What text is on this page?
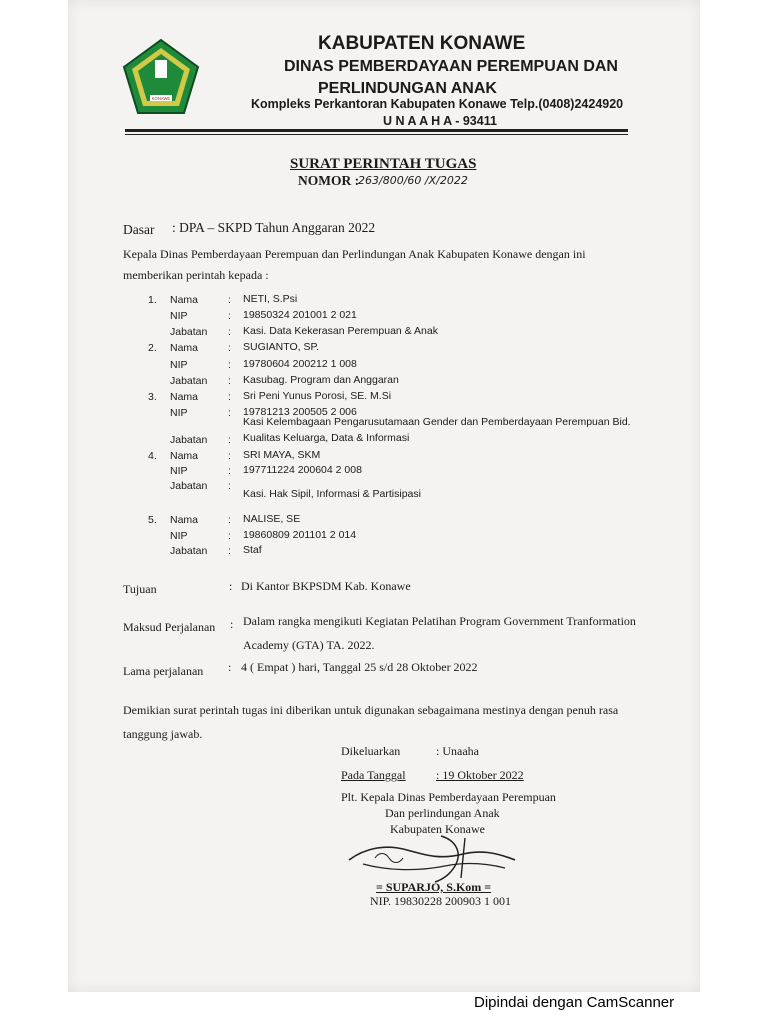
KONAWE
KABUPATEN KONAWE
DINAS PEMBERDAYAAN PEREMPUAN DAN
PERLINDUNGAN ANAK
Kompleks Perkantoran Kabupaten Konawe Telp.(0408)2424920
U N A A H A - 93411
SURAT PERINTAH TUGAS
NOMOR :
263/800/60 /X/2022
Dasar : DPA – SKPD Tahun Anggaran 2022
Kepala Dinas Pemberdayaan Perempuan dan Perlindungan Anak Kabupaten Konawe dengan ini
memberikan perintah kepada :
1. Nama	: NETI, S.Psi
NIP	: 19850324 201001 2 021
Jabatan : Kasi. Data Kekerasan Perempuan & Anak
2. Nama	: SUGIANTO, SP.
NIP	: 19780604 200212 1 008
Jabatan : Kasubag. Program dan Anggaran
3. Nama	: Sri Peni Yunus Porosi, SE. M.Si
NIP	: 19781213 200505 2 006
Kasi Kelembagaan Pengarusutamaan Gender dan Pemberdayaan Perempuan Bid.
Jabatan : Kualitas Keluarga, Data & Informasi
4. Nama	: SRI MAYA, SKM
NIP	: 197711224 200604 2 008
Jabatan :
Kasi. Hak Sipil, Informasi & Partisipasi
5. Nama	: NALISE, SE
NIP	: 19860809 201101 2 014
Jabatan : Staf
Tujuan	: Di Kantor BKPSDM Kab. Konawe
Maksud Perjalanan : Dalam rangka mengikuti Kegiatan Pelatihan Program Government Tranformation
Academy (GTA) TA. 2022.
Lama perjalanan : 4 ( Empat ) hari, Tanggal 25 s/d 28 Oktober 2022
Demikian surat perintah tugas ini diberikan untuk digunakan sebagaimana mestinya dengan penuh rasa
tanggung jawab.
Dikeluarkan	: Unaaha
Pada Tanggal	: 19 Oktober 2022
Plt. Kepala Dinas Pemberdayaan Perempuan
Dan perlindungan Anak
Kabupaten Konawe
= SUPARJO, S.Kom =
NIP. 19830228 200903 1 001
Dipindai dengan CamScanner
